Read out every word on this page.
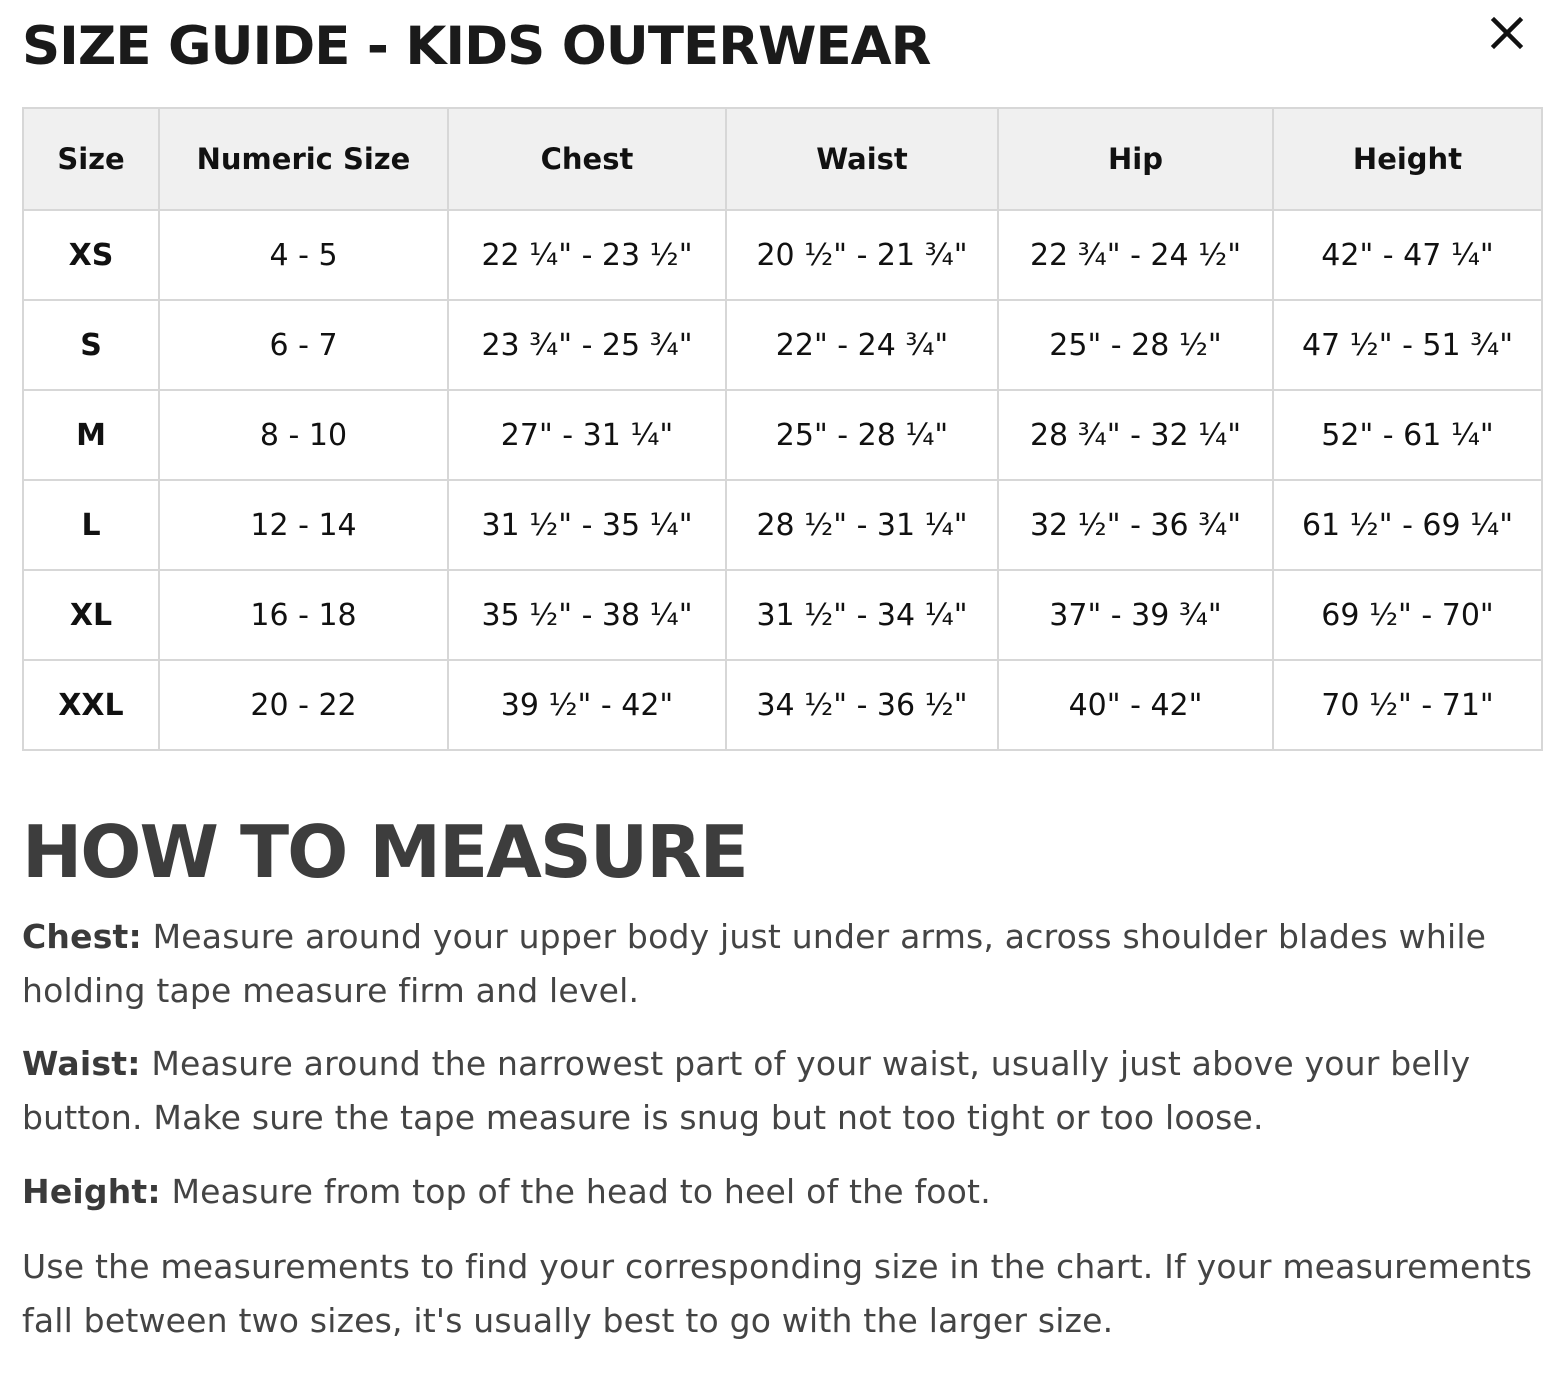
SIZE GUIDE - KIDS OUTERWEAR
Size	Numeric Size	Chest	Waist	Hip	Height
XS	4 - 5	22 ¼" - 23 ½"	20 ½" - 21 ¾"	22 ¾" - 24 ½"	42" - 47 ¼"
S	6 - 7	23 ¾" - 25 ¾"	22" - 24 ¾"	25" - 28 ½"	47 ½" - 51 ¾"
M	8 - 10	27" - 31 ¼"	25" - 28 ¼"	28 ¾" - 32 ¼"	52" - 61 ¼"
L	12 - 14	31 ½" - 35 ¼"	28 ½" - 31 ¼"	32 ½" - 36 ¾"	61 ½" - 69 ¼"
XL	16 - 18	35 ½" - 38 ¼"	31 ½" - 34 ¼"	37" - 39 ¾"	69 ½" - 70"
XXL	20 - 22	39 ½" - 42"	34 ½" - 36 ½"	40" - 42"	70 ½" - 71"
HOW TO MEASURE

Chest: Measure around your upper body just under arms, across shoulder blades while holding tape measure firm and level.

Waist: Measure around the narrowest part of your waist, usually just above your belly button. Make sure the tape measure is snug but not too tight or too loose.

Height: Measure from top of the head to heel of the foot.

Use the measurements to find your corresponding size in the chart. If your measurements fall between two sizes, it's usually best to go with the larger size.
